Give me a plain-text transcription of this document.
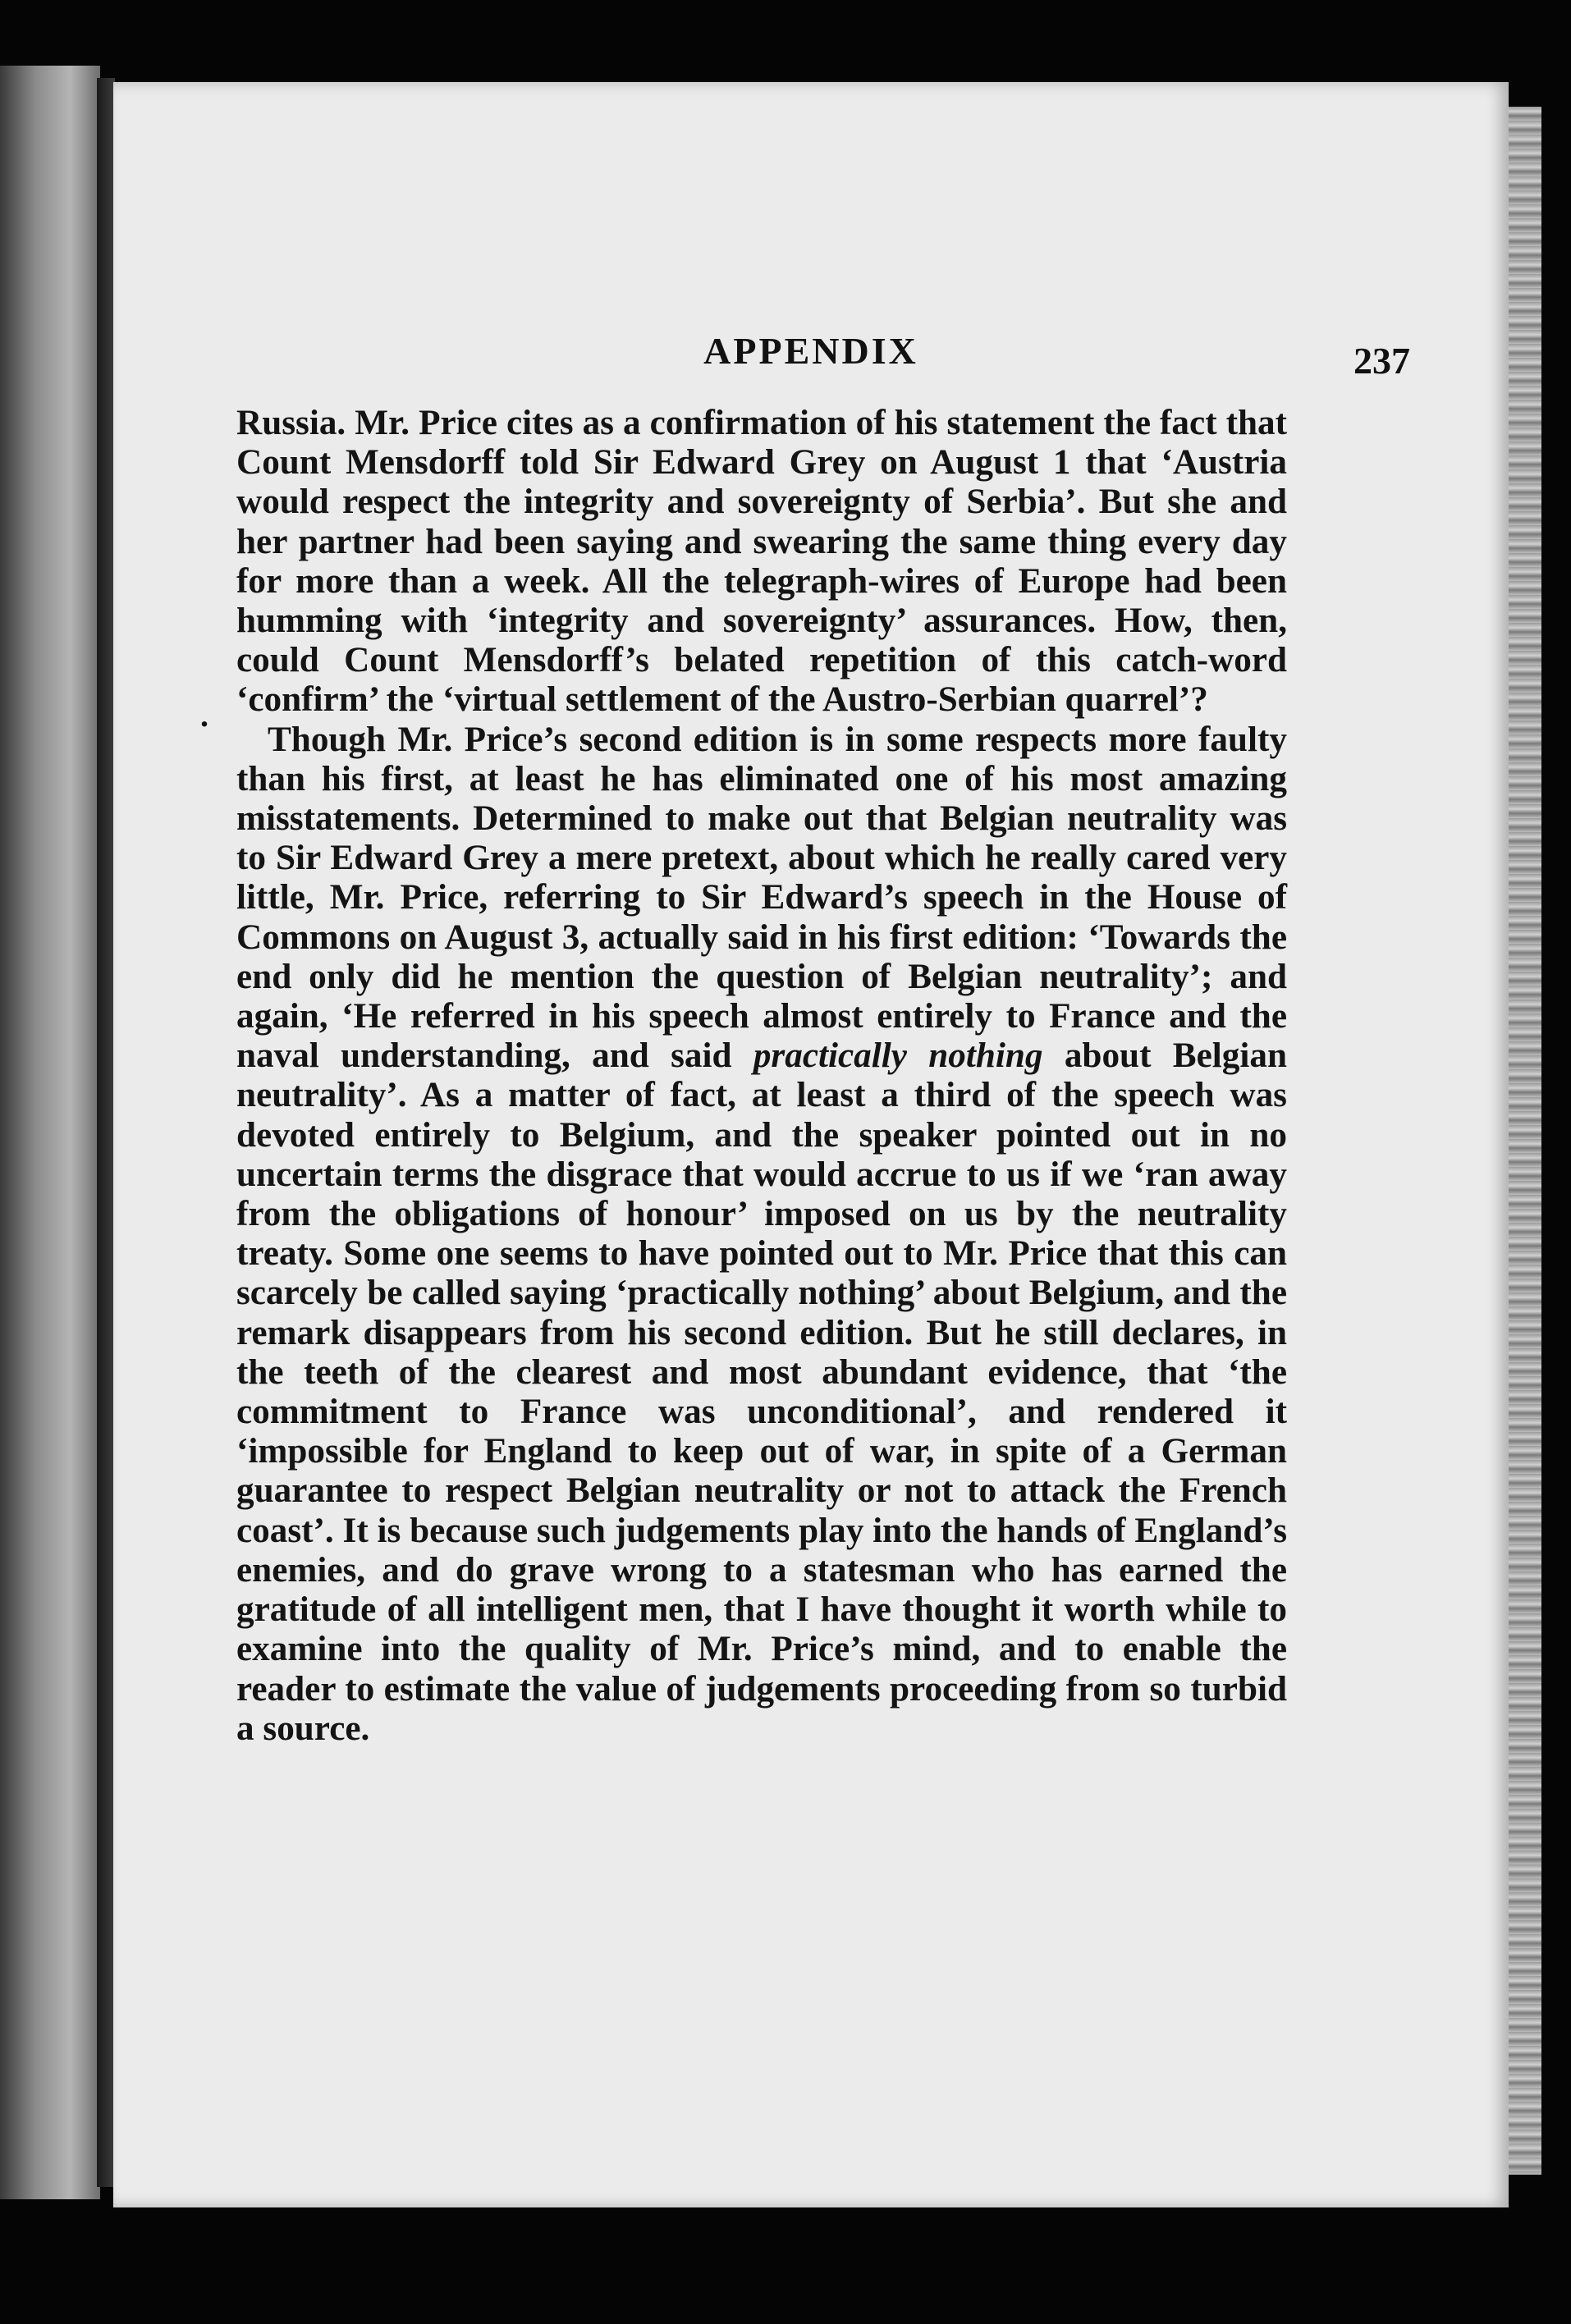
APPENDIX	237
.

Russia. Mr. Price cites as a confirmation of his statement the fact that Count Mensdorff told Sir Edward Grey on August 1 that ‘Austria would respect the integrity and sovereignty of Serbia’. But she and her partner had been saying and swearing the same thing every day for more than a week. All the telegraph-wires of Europe had been humming with ‘integrity and sovereignty’ assurances. How, then, could Count Mensdorff’s belated repetition of this catch-word ‘confirm’ the ‘virtual settlement of the Austro-Serbian quarrel’?

Though Mr. Price’s second edition is in some respects more faulty than his first, at least he has eliminated one of his most amazing misstatements. Determined to make out that Belgian neutrality was to Sir Edward Grey a mere pretext, about which he really cared very little, Mr. Price, referring to Sir Edward’s speech in the House of Commons on August 3, actually said in his first edition: ‘Towards the end only did he mention the question of Belgian neutrality’; and again, ‘He referred in his speech almost entirely to France and the naval understanding, and said practically nothing about Belgian neutrality’. As a matter of fact, at least a third of the speech was devoted entirely to Belgium, and the speaker pointed out in no uncertain terms the disgrace that would accrue to us if we ‘ran away from the obligations of honour’ imposed on us by the neutrality treaty. Some one seems to have pointed out to Mr. Price that this can scarcely be called saying ‘practically nothing’ about Belgium, and the remark disappears from his second edition. But he still declares, in the teeth of the clearest and most abundant evidence, that ‘the commitment to France was unconditional’, and rendered it ‘impossible for England to keep out of war, in spite of a German guarantee to respect Belgian neutrality or not to attack the French coast’. It is because such judgements play into the hands of England’s enemies, and do grave wrong to a statesman who has earned the gratitude of all intelligent men, that I have thought it worth while to examine into the quality of Mr. Price’s mind, and to enable the reader to estimate the value of judgements proceeding from so turbid a source.
